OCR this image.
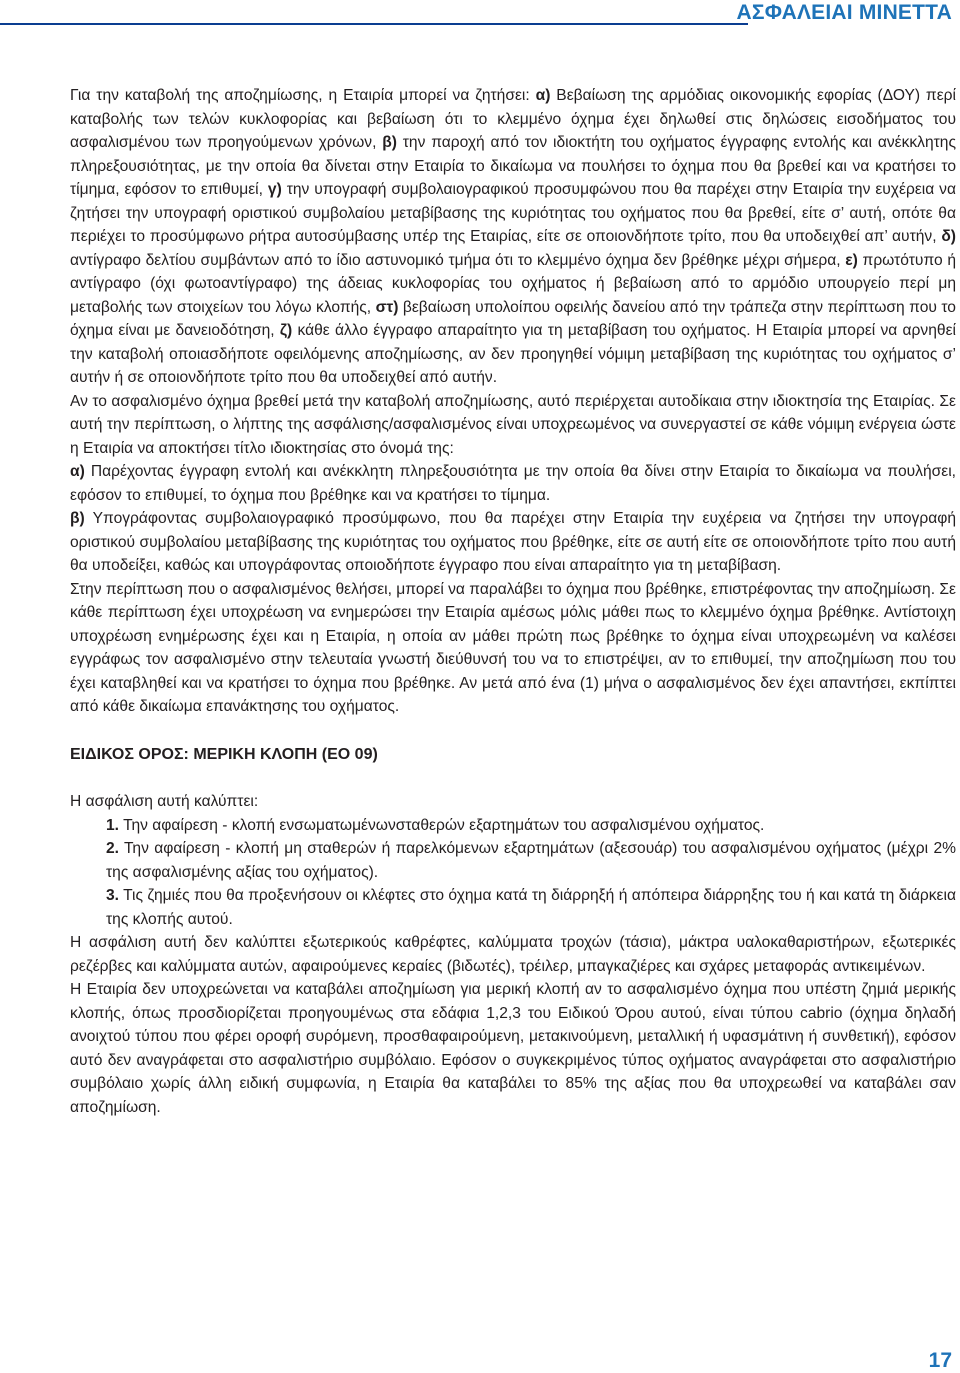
ΑΣΦΑΛΕΙΑΙ ΜΙΝΕΤΤΑ

Για την καταβολή της αποζημίωσης, η Εταιρία μπορεί να ζητήσει: α) Βεβαίωση της αρμόδιας οικονομικής εφορίας (ΔΟΥ) περί καταβολής των τελών κυκλοφορίας και βεβαίωση ότι το κλεμμένο όχημα έχει δηλωθεί στις δηλώσεις εισοδήματος του ασφαλισμένου των προηγούμενων χρόνων, β) την παροχή από τον ιδιοκτήτη του οχήματος έγγραφης εντολής και ανέκκλητης πληρεξουσιότητας, με την οποία θα δίνεται στην Εταιρία το δικαίωμα να πουλήσει το όχημα που θα βρεθεί και να κρατήσει το τίμημα, εφόσον το επιθυμεί, γ) την υπογραφή συμβολαιογραφικού προσυμφώνου που θα παρέχει στην Εταιρία την ευχέρεια να ζητήσει την υπογραφή οριστικού συμβολαίου μεταβίβασης της κυριότητας του οχήματος που θα βρεθεί, είτε σ’ αυτή, οπότε θα περιέχει το προσύμφωνο ρήτρα αυτοσύμβασης υπέρ της Εταιρίας, είτε σε οποιονδήποτε τρίτο, που θα υποδειχθεί απ’ αυτήν, δ) αντίγραφο δελτίου συμβάντων από το ίδιο αστυνομικό τμήμα ότι το κλεμμένο όχημα δεν βρέθηκε μέχρι σήμερα, ε) πρωτότυπο ή αντίγραφο (όχι φωτοαντίγραφο) της άδειας κυκλοφορίας του οχήματος ή βεβαίωση από το αρμόδιο υπουργείο περί μη μεταβολής των στοιχείων του λόγω κλοπής, στ) βεβαίωση υπολοίπου οφειλής δανείου από την τράπεζα στην περίπτωση που το όχημα είναι με δανειοδότηση, ζ) κάθε άλλο έγγραφο απαραίτητο για τη μεταβίβαση του οχήματος. Η Εταιρία μπορεί να αρνηθεί την καταβολή οποιασδήποτε οφειλόμενης αποζημίωσης, αν δεν προηγηθεί νόμιμη μεταβίβαση της κυριότητας του οχήματος σ’ αυτήν ή σε οποιονδήποτε τρίτο που θα υποδειχθεί από αυτήν.

Αν το ασφαλισμένο όχημα βρεθεί μετά την καταβολή αποζημίωσης, αυτό περιέρχεται αυτοδίκαια στην ιδιοκτησία της Εταιρίας. Σε αυτή την περίπτωση, ο λήπτης της ασφάλισης/ασφαλισμένος είναι υποχρεωμένος να συνεργαστεί σε κάθε νόμιμη ενέργεια ώστε η Εταιρία να αποκτήσει τίτλο ιδιοκτησίας στο όνομά της:

α) Παρέχοντας έγγραφη εντολή και ανέκκλητη πληρεξουσιότητα με την οποία θα δίνει στην Εταιρία το δικαίωμα να πουλήσει, εφόσον το επιθυμεί, το όχημα που βρέθηκε και να κρατήσει το τίμημα.

β) Υπογράφοντας συμβολαιογραφικό προσύμφωνο, που θα παρέχει στην Εταιρία την ευχέρεια να ζητήσει την υπογραφή οριστικού συμβολαίου μεταβίβασης της κυριότητας του οχήματος που βρέθηκε, είτε σε αυτή είτε σε οποιονδήποτε τρίτο που αυτή θα υποδείξει, καθώς και υπογράφοντας οποιοδήποτε έγγραφο που είναι απαραίτητο για τη μεταβίβαση.

Στην περίπτωση που ο ασφαλισμένος θελήσει, μπορεί να παραλάβει το όχημα που βρέθηκε, επιστρέφοντας την αποζημίωση. Σε κάθε περίπτωση έχει υποχρέωση να ενημερώσει την Εταιρία αμέσως μόλις μάθει πως το κλεμμένο όχημα βρέθηκε. Αντίστοιχη υποχρέωση ενημέρωσης έχει και η Εταιρία, η οποία αν μάθει πρώτη πως βρέθηκε το όχημα είναι υποχρεωμένη να καλέσει εγγράφως τον ασφαλισμένο στην τελευταία γνωστή διεύθυνσή του να το επιστρέψει, αν το επιθυμεί, την αποζημίωση που του έχει καταβληθεί και να κρατήσει το όχημα που βρέθηκε. Αν μετά από ένα (1) μήνα ο ασφαλισμένος δεν έχει απαντήσει, εκπίπτει από κάθε δικαίωμα επανάκτησης του οχήματος.

ΕΙΔΙΚΟΣ ΟΡΟΣ: ΜΕΡΙΚΗ ΚΛΟΠΗ (ΕΟ 09)

Η ασφάλιση αυτή καλύπτει:

1. Την αφαίρεση - κλοπή ενσωματωμένωνσταθερών εξαρτημάτων του ασφαλισμένου οχήματος.

2. Την αφαίρεση - κλοπή μη σταθερών ή παρελκόμενων εξαρτημάτων (αξεσουάρ) του ασφαλισμένου οχήματος (μέχρι 2% της ασφαλισμένης αξίας του οχήματος).

3. Τις ζημιές που θα προξενήσουν οι κλέφτες στο όχημα κατά τη διάρρηξή ή απόπειρα διάρρηξης του ή και κατά τη διάρκεια της κλοπής αυτού.

Η ασφάλιση αυτή δεν καλύπτει εξωτερικούς καθρέφτες, καλύμματα τροχών (τάσια), μάκτρα υαλοκαθαριστήρων, εξωτερικές ρεζέρβες και καλύμματα αυτών, αφαιρούμενες κεραίες (βιδωτές), τρέιλερ, μπαγκαζιέρες και σχάρες μεταφοράς αντικειμένων.

Η Εταιρία δεν υποχρεώνεται να καταβάλει αποζημίωση για μερική κλοπή αν το ασφαλισμένο όχημα που υπέστη ζημιά μερικής κλοπής, όπως προσδιορίζεται προηγουμένως στα εδάφια 1,2,3 του Ειδικού Όρου αυτού, είναι τύπου cabrio (όχημα δηλαδή ανοιχτού τύπου που φέρει οροφή συρόμενη, προσθαφαιρούμενη, μετακινούμενη, μεταλλική ή υφασμάτινη ή συνθετική), εφόσον αυτό δεν αναγράφεται στο ασφαλιστήριο συμβόλαιο. Εφόσον ο συγκεκριμένος τύπος οχήματος αναγράφεται στο ασφαλιστήριο συμβόλαιο χωρίς άλλη ειδική συμφωνία, η Εταιρία θα καταβάλει το 85% της αξίας που θα υποχρεωθεί να καταβάλει σαν αποζημίωση.

17
